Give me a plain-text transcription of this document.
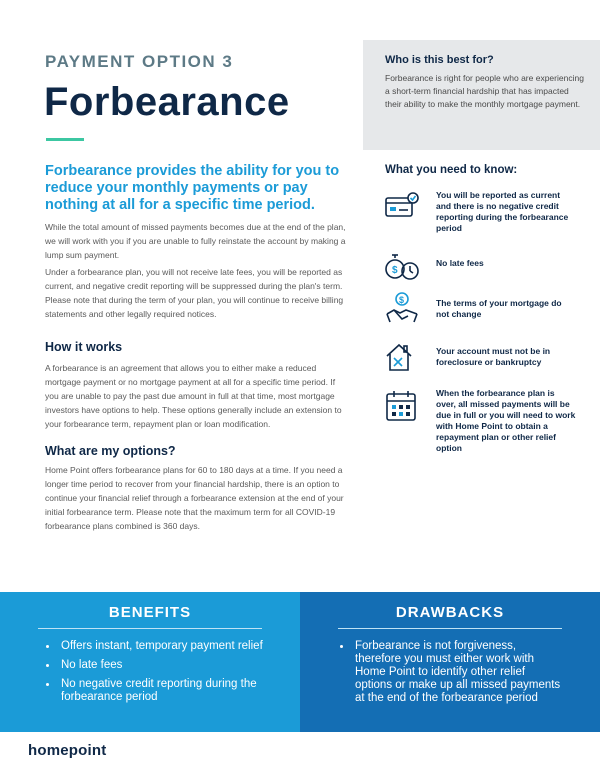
PAYMENT OPTION 3
Forbearance
Forbearance provides the ability for you to reduce your monthly payments or pay nothing at all for a specific time period.

While the total amount of missed payments becomes due at the end of the plan, we will work with you if you are unable to fully reinstate the account by making a lump sum payment.

Under a forbearance plan, you will not receive late fees, you will be reported as current, and negative credit reporting will be suppressed during the plan's term. Please note that during the term of your plan, you will continue to receive billing statements and other legally required notices.

How it works

A forbearance is an agreement that allows you to either make a reduced mortgage payment or no mortgage payment at all for a specific time period. If you are unable to pay the past due amount in full at that time, most mortgage investors have options to help. These options generally include an extension to your forbearance term, repayment plan or loan modification.

What are my options?

Home Point offers forbearance plans for 60 to 180 days at a time. If you need a longer time period to recover from your financial hardship, there is an option to continue your financial relief through a forbearance extension at the end of your initial forbearance term. Please note that the maximum term for all COVID-19 forbearance plans combined is 360 days.

Who is this best for?

Forbearance is right for people who are experiencing a short-term financial hardship that has impacted their ability to make the monthly mortgage payment.

What you need to know:
You will be reported as current and there is no negative credit reporting during the forbearance period
$
No late fees
$	The terms of your mortgage do not change
Your account must not be in foreclosure or bankruptcy
When the forbearance plan is over, all missed payments will be due in full or you will need to work with Home Point to obtain a repayment plan or other relief option
BENEFITS
Offers instant, temporary payment relief
No late fees
No negative credit reporting during the forbearance period
DRAWBACKS
Forbearance is not forgiveness, therefore you must either work with Home Point to identify other relief options or make up all missed payments at the end of the forbearance period
homepoint
